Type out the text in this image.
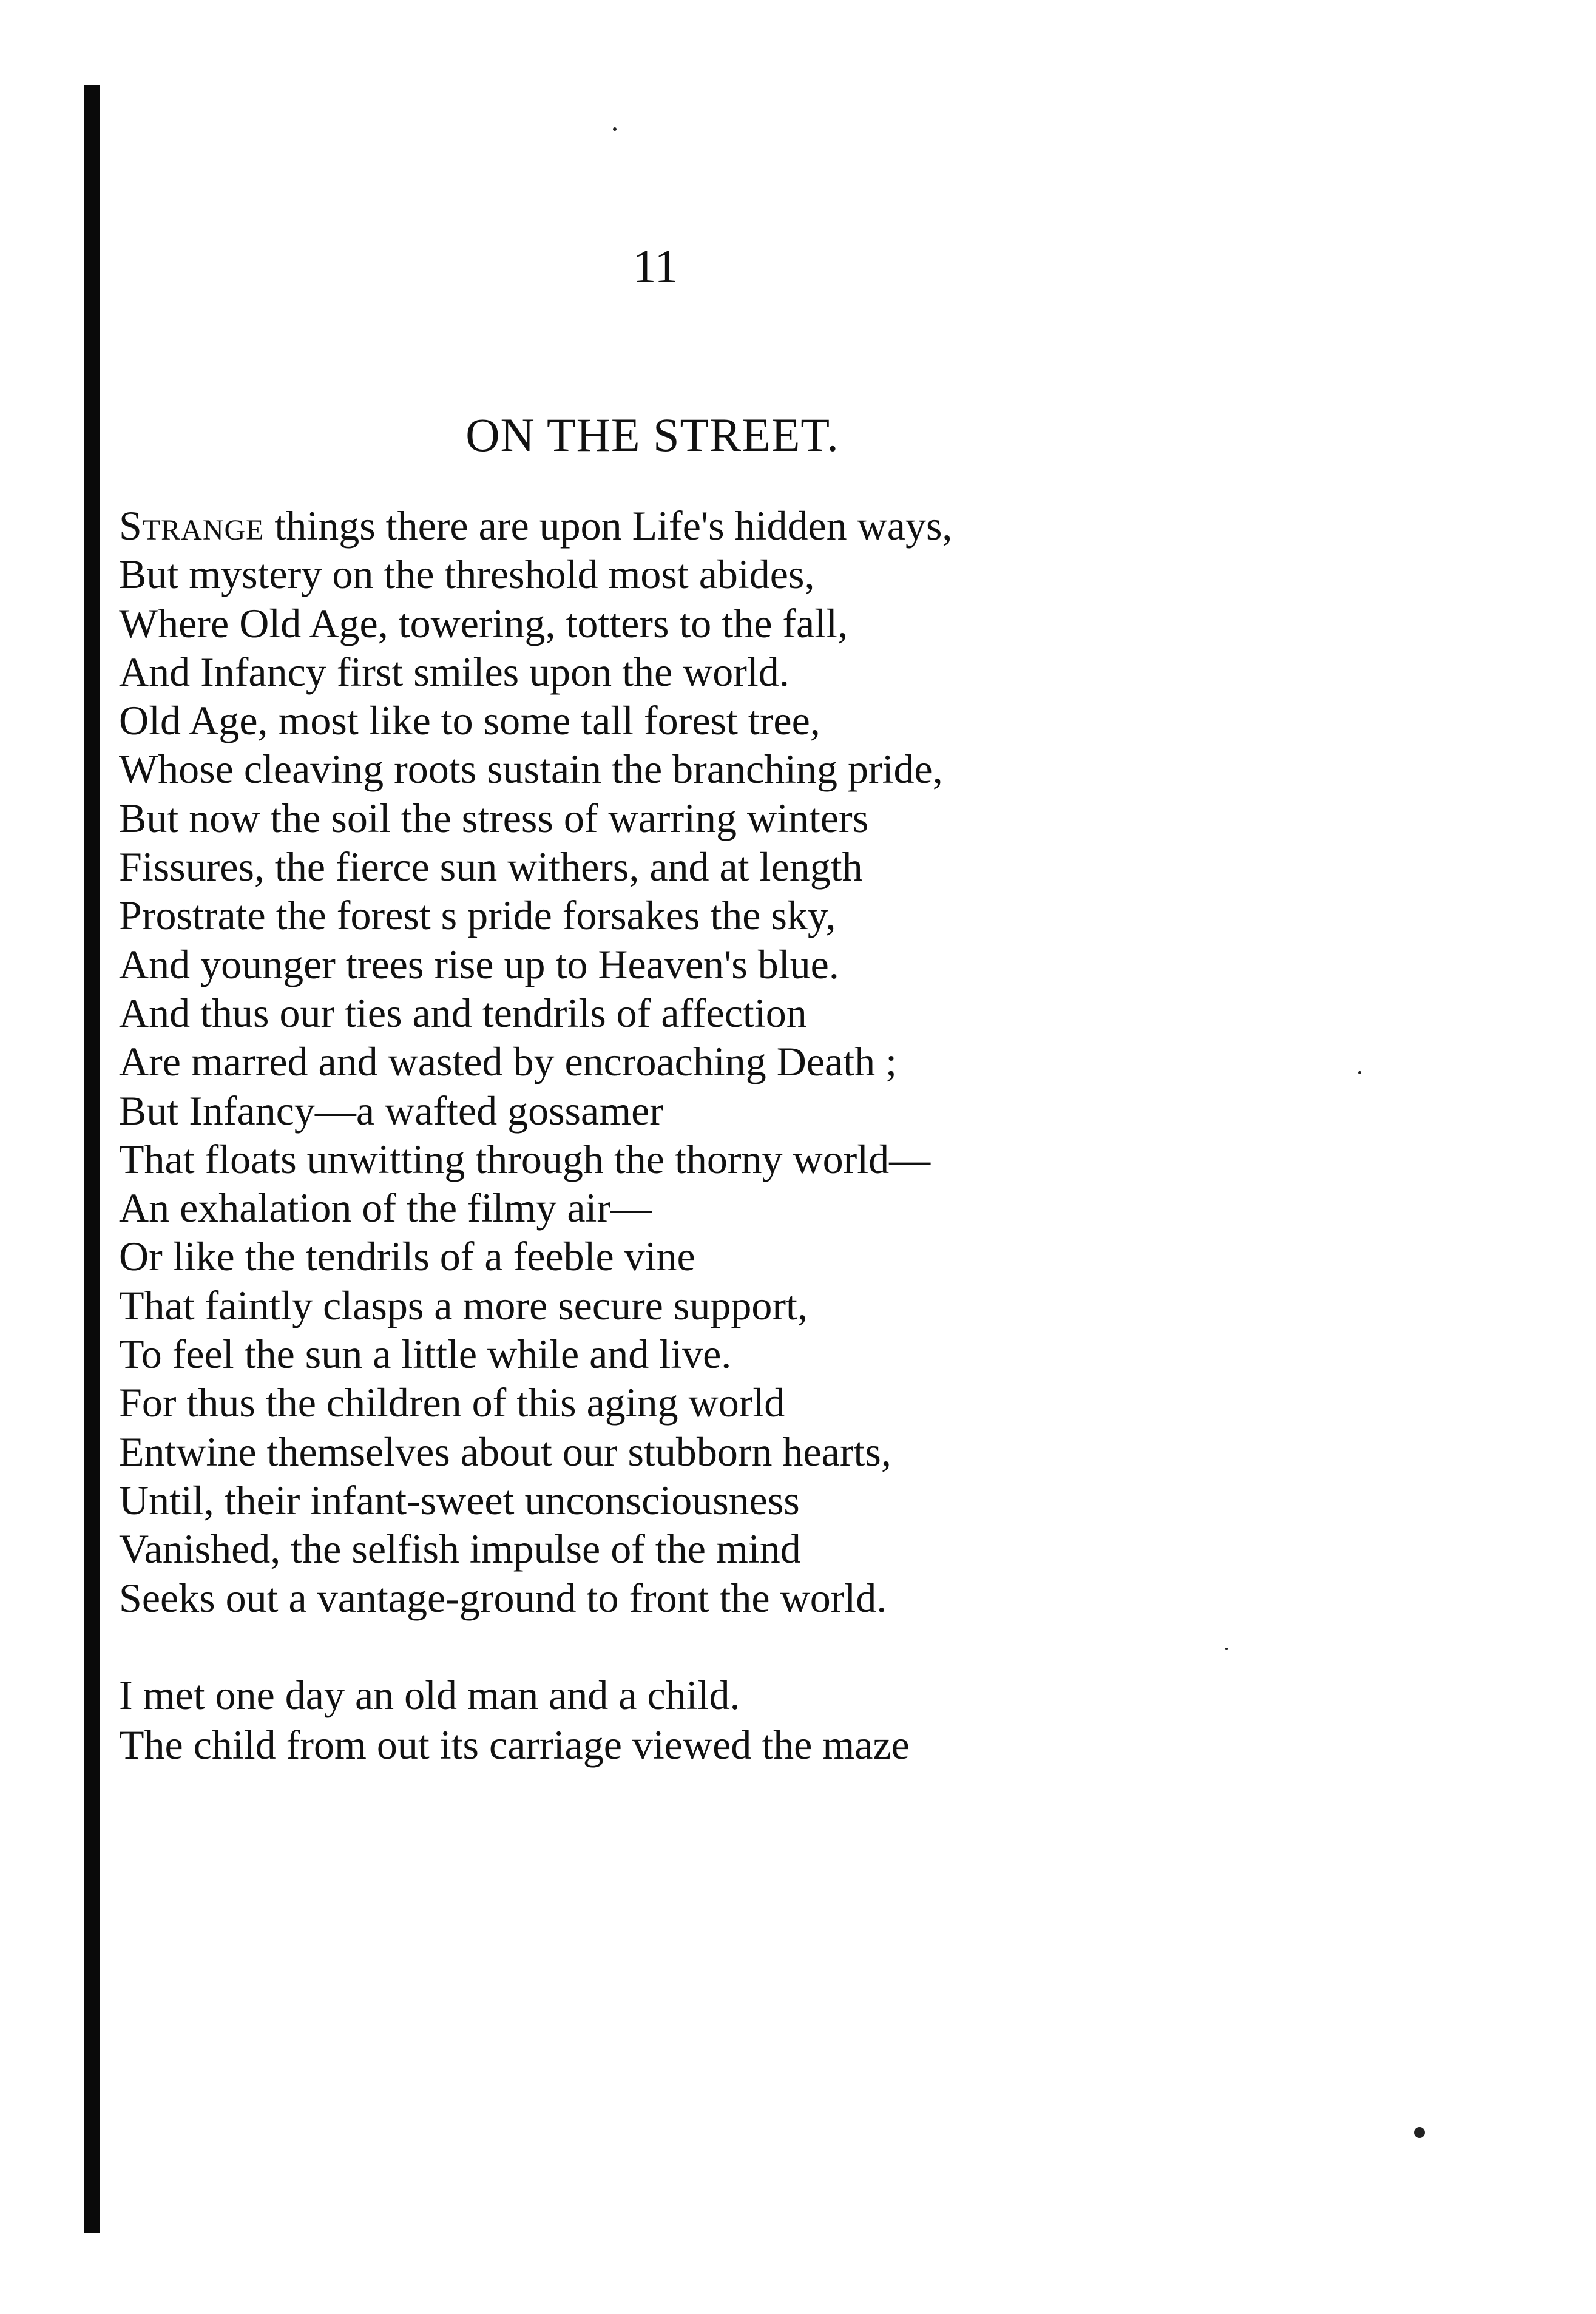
11
ON THE STREET.
Strange things there are upon Life's hidden ways,
But mystery on the threshold most abides,
Where Old Age, towering, totters to the fall,
And Infancy first smiles upon the world.
Old Age, most like to some tall forest tree,
Whose cleaving roots sustain the branching pride,
But now the soil the stress of warring winters
Fissures, the fierce sun withers, and at length
Prostrate the forest s pride forsakes the sky,
And younger trees rise up to Heaven's blue.
And thus our ties and tendrils of affection
Are marred and wasted by encroaching Death ;
But Infancy—a wafted gossamer
That floats unwitting through the thorny world—
An exhalation of the filmy air—
Or like the tendrils of a feeble vine
That faintly clasps a more secure support,
To feel the sun a little while and live.
For thus the children of this aging world
Entwine themselves about our stubborn hearts,
Until, their infant-sweet unconsciousness
Vanished, the selfish impulse of the mind
Seeks out a vantage-ground to front the world.
I met one day an old man and a child.
The child from out its carriage viewed the maze
